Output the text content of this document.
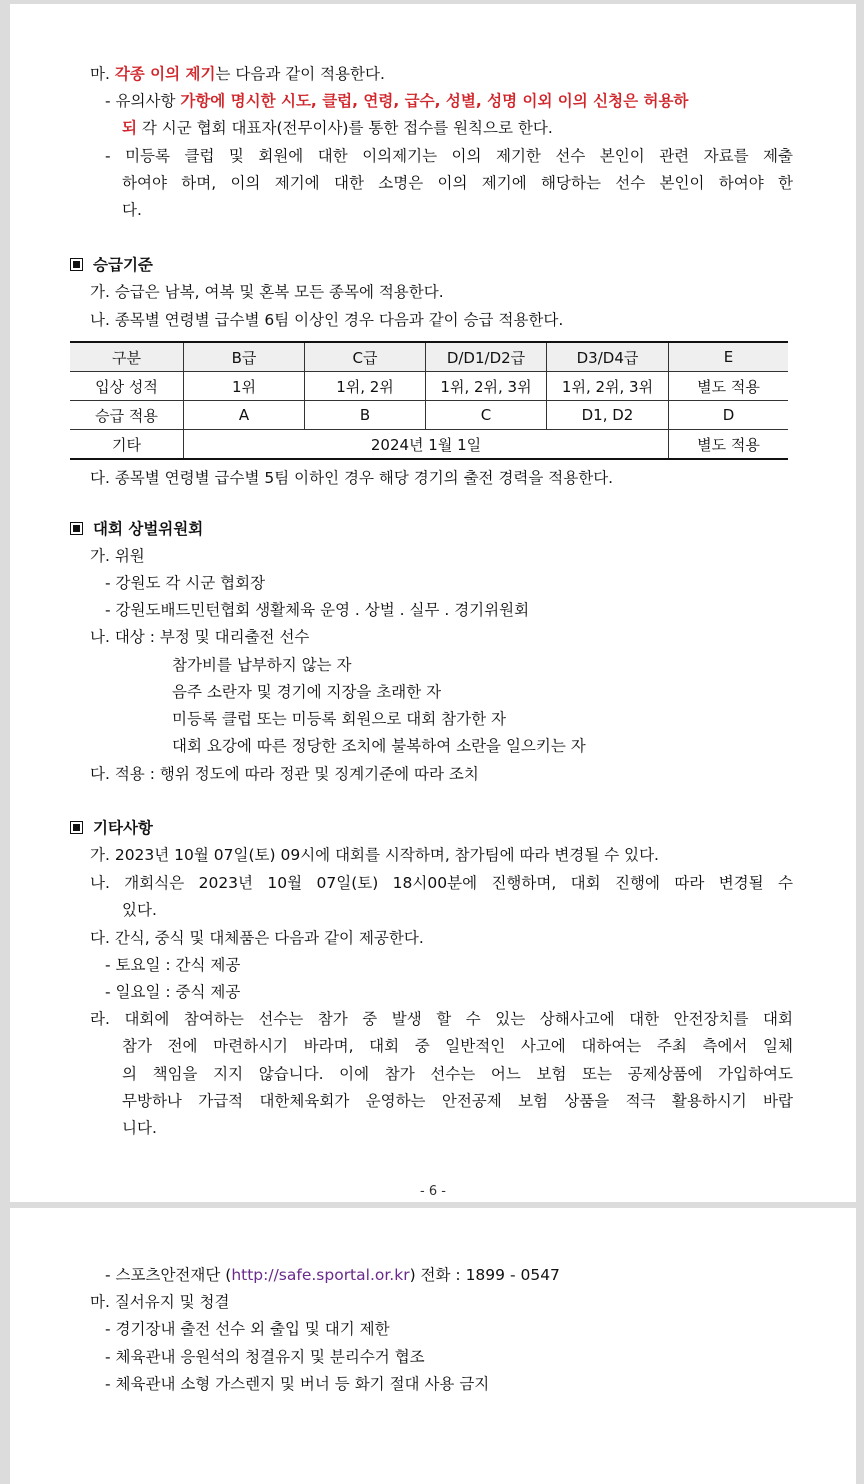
마. 각종 이의 제기는 다음과 같이 적용한다.
- 유의사항 가항에 명시한 시도, 클럽, 연령, 급수, 성별, 성명 이외 이의 신청은 허용하
되 각 시군 협회 대표자(전무이사)를 통한 접수를 원칙으로 한다.
- 미등록 클럽 및 회원에 대한 이의제기는 이의 제기한 선수 본인이 관련 자료를 제출
하여야 하며, 이의 제기에 대한 소명은 이의 제기에 해당하는 선수 본인이 하여야 한
다.
승급기준
가. 승급은 남복, 여복 및 혼복 모든 종목에 적용한다.
나. 종목별 연령별 급수별 6팀 이상인 경우 다음과 같이 승급 적용한다.
구분	B급	C급	D/D1/D2급	D3/D4급	E
입상 성적	1위	1위, 2위	1위, 2위, 3위	1위, 2위, 3위	별도 적용
승급 적용	A	B	C	D1, D2	D
기타	2024년 1월 1일				별도 적용
다. 종목별 연령별 급수별 5팀 이하인 경우 해당 경기의 출전 경력을 적용한다.
대회 상벌위원회
가. 위원
- 강원도 각 시군 협회장
- 강원도배드민턴협회 생활체육 운영 . 상벌 . 실무 . 경기위원회
나. 대상 : 부정 및 대리출전 선수
참가비를 납부하지 않는 자
음주 소란자 및 경기에 지장을 초래한 자
미등록 클럽 또는 미등록 회원으로 대회 참가한 자
대회 요강에 따른 정당한 조치에 불복하여 소란을 일으키는 자
다. 적용 : 행위 정도에 따라 정관 및 징계기준에 따라 조치
기타사항
가. 2023년 10월 07일(토) 09시에 대회를 시작하며, 참가팀에 따라 변경될 수 있다.
나. 개회식은 2023년 10월 07일(토) 18시00분에 진행하며, 대회 진행에 따라 변경될 수
있다.
다. 간식, 중식 및 대체품은 다음과 같이 제공한다.
- 토요일 : 간식 제공
- 일요일 : 중식 제공
라. 대회에 참여하는 선수는 참가 중 발생 할 수 있는 상해사고에 대한 안전장치를 대회
참가 전에 마련하시기 바라며, 대회 중 일반적인 사고에 대하여는 주최 측에서 일체
의 책임을 지지 않습니다. 이에 참가 선수는 어느 보험 또는 공제상품에 가입하여도
무방하나 가급적 대한체육회가 운영하는 안전공제 보험 상품을 적극 활용하시기 바랍
니다.
- 6 -
- 스포츠안전재단 (http://safe.sportal.or.kr) 전화 : 1899 - 0547
마. 질서유지 및 청결
- 경기장내 출전 선수 외 출입 및 대기 제한
- 체육관내 응원석의 청결유지 및 분리수거 협조
- 체육관내 소형 가스렌지 및 버너 등 화기 절대 사용 금지
